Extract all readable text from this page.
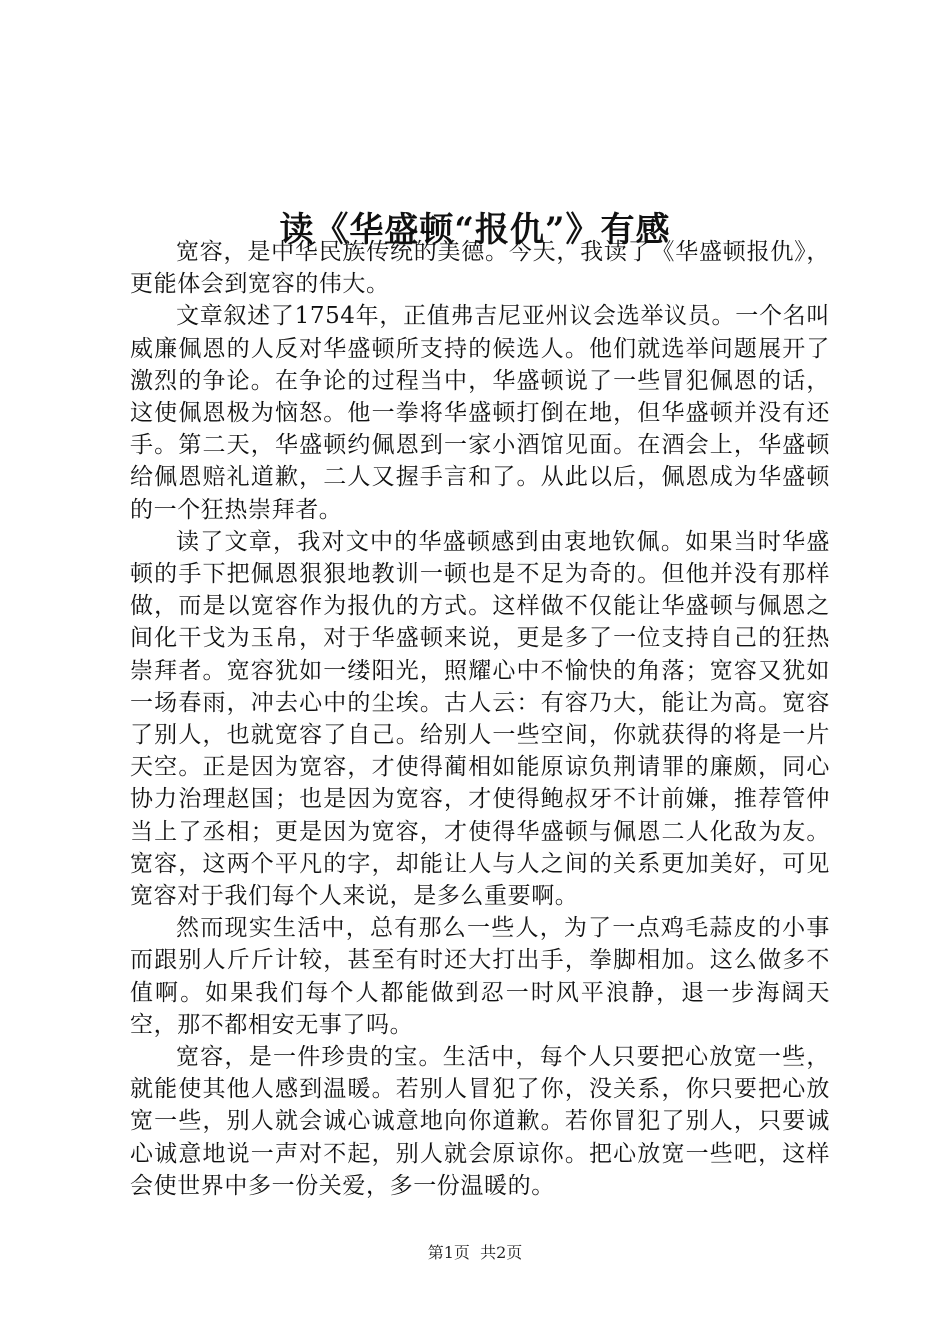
读《华盛顿“报仇”》有感

宽容，是中华民族传统的美德。今天，我读了《华盛顿报仇》，更能体会到宽容的伟大。

文章叙述了1754年，正值弗吉尼亚州议会选举议员。一个名叫威廉佩恩的人反对华盛顿所支持的候选人。他们就选举问题展开了激烈的争论。在争论的过程当中，华盛顿说了一些冒犯佩恩的话，这使佩恩极为恼怒。他一拳将华盛顿打倒在地，但华盛顿并没有还手。第二天，华盛顿约佩恩到一家小酒馆见面。在酒会上，华盛顿给佩恩赔礼道歉，二人又握手言和了。从此以后，佩恩成为华盛顿的一个狂热崇拜者。

读了文章，我对文中的华盛顿感到由衷地钦佩。如果当时华盛顿的手下把佩恩狠狠地教训一顿也是不足为奇的。但他并没有那样做，而是以宽容作为报仇的方式。这样做不仅能让华盛顿与佩恩之间化干戈为玉帛，对于华盛顿来说，更是多了一位支持自己的狂热崇拜者。宽容犹如一缕阳光，照耀心中不愉快的角落；宽容又犹如一场春雨，冲去心中的尘埃。古人云：有容乃大，能让为高。宽容了别人，也就宽容了自己。给别人一些空间，你就获得的将是一片天空。正是因为宽容，才使得蔺相如能原谅负荆请罪的廉颇，同心协力治理赵国；也是因为宽容，才使得鲍叔牙不计前嫌，推荐管仲当上了丞相；更是因为宽容，才使得华盛顿与佩恩二人化敌为友。宽容，这两个平凡的字，却能让人与人之间的关系更加美好，可见宽容对于我们每个人来说，是多么重要啊。

然而现实生活中，总有那么一些人，为了一点鸡毛蒜皮的小事而跟别人斤斤计较，甚至有时还大打出手，拳脚相加。这么做多不值啊。如果我们每个人都能做到忍一时风平浪静，退一步海阔天空，那不都相安无事了吗。

宽容，是一件珍贵的宝。生活中，每个人只要把心放宽一些，就能使其他人感到温暖。若别人冒犯了你，没关系，你只要把心放宽一些，别人就会诚心诚意地向你道歉。若你冒犯了别人，只要诚心诚意地说一声对不起，别人就会原谅你。把心放宽一些吧，这样会使世界中多一份关爱，多一份温暖的。

第1页 共2页
